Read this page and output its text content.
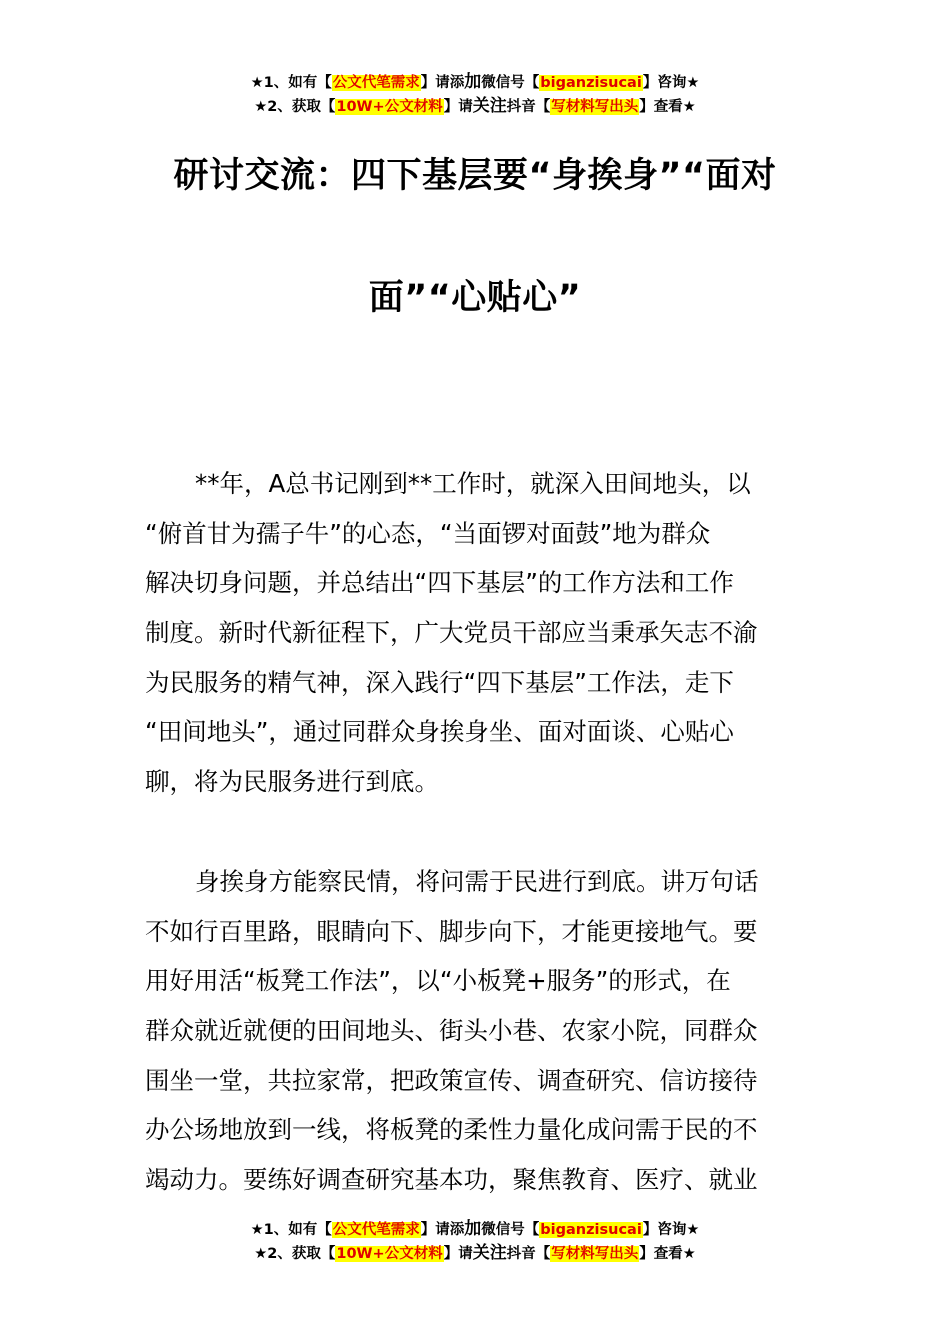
★1、如有【公文代笔需求】请添加微信号【biganzisucai】咨询★
★2、获取【10W+公文材料】请关注抖音【写材料写出头】查看★
研讨交流：四下基层要“身挨身”“面对
面”“心贴心”
**年，A总书记刚到**工作时，就深入田间地头，以
“俯首甘为孺子牛”的心态，“当面锣对面鼓”地为群众
解决切身问题，并总结出“四下基层”的工作方法和工作
制度。新时代新征程下，广大党员干部应当秉承矢志不渝
为民服务的精气神，深入践行“四下基层”工作法，走下
“田间地头”，通过同群众身挨身坐、面对面谈、心贴心
聊，将为民服务进行到底。
身挨身方能察民情，将问需于民进行到底。讲万句话
不如行百里路，眼睛向下、脚步向下，才能更接地气。要
用好用活“板凳工作法”，以“小板凳+服务”的形式，在
群众就近就便的田间地头、街头小巷、农家小院，同群众
围坐一堂，共拉家常，把政策宣传、调查研究、信访接待
办公场地放到一线，将板凳的柔性力量化成问需于民的不
竭动力。要练好调查研究基本功，聚焦教育、医疗、就业
★1、如有【公文代笔需求】请添加微信号【biganzisucai】咨询★
★2、获取【10W+公文材料】请关注抖音【写材料写出头】查看★
